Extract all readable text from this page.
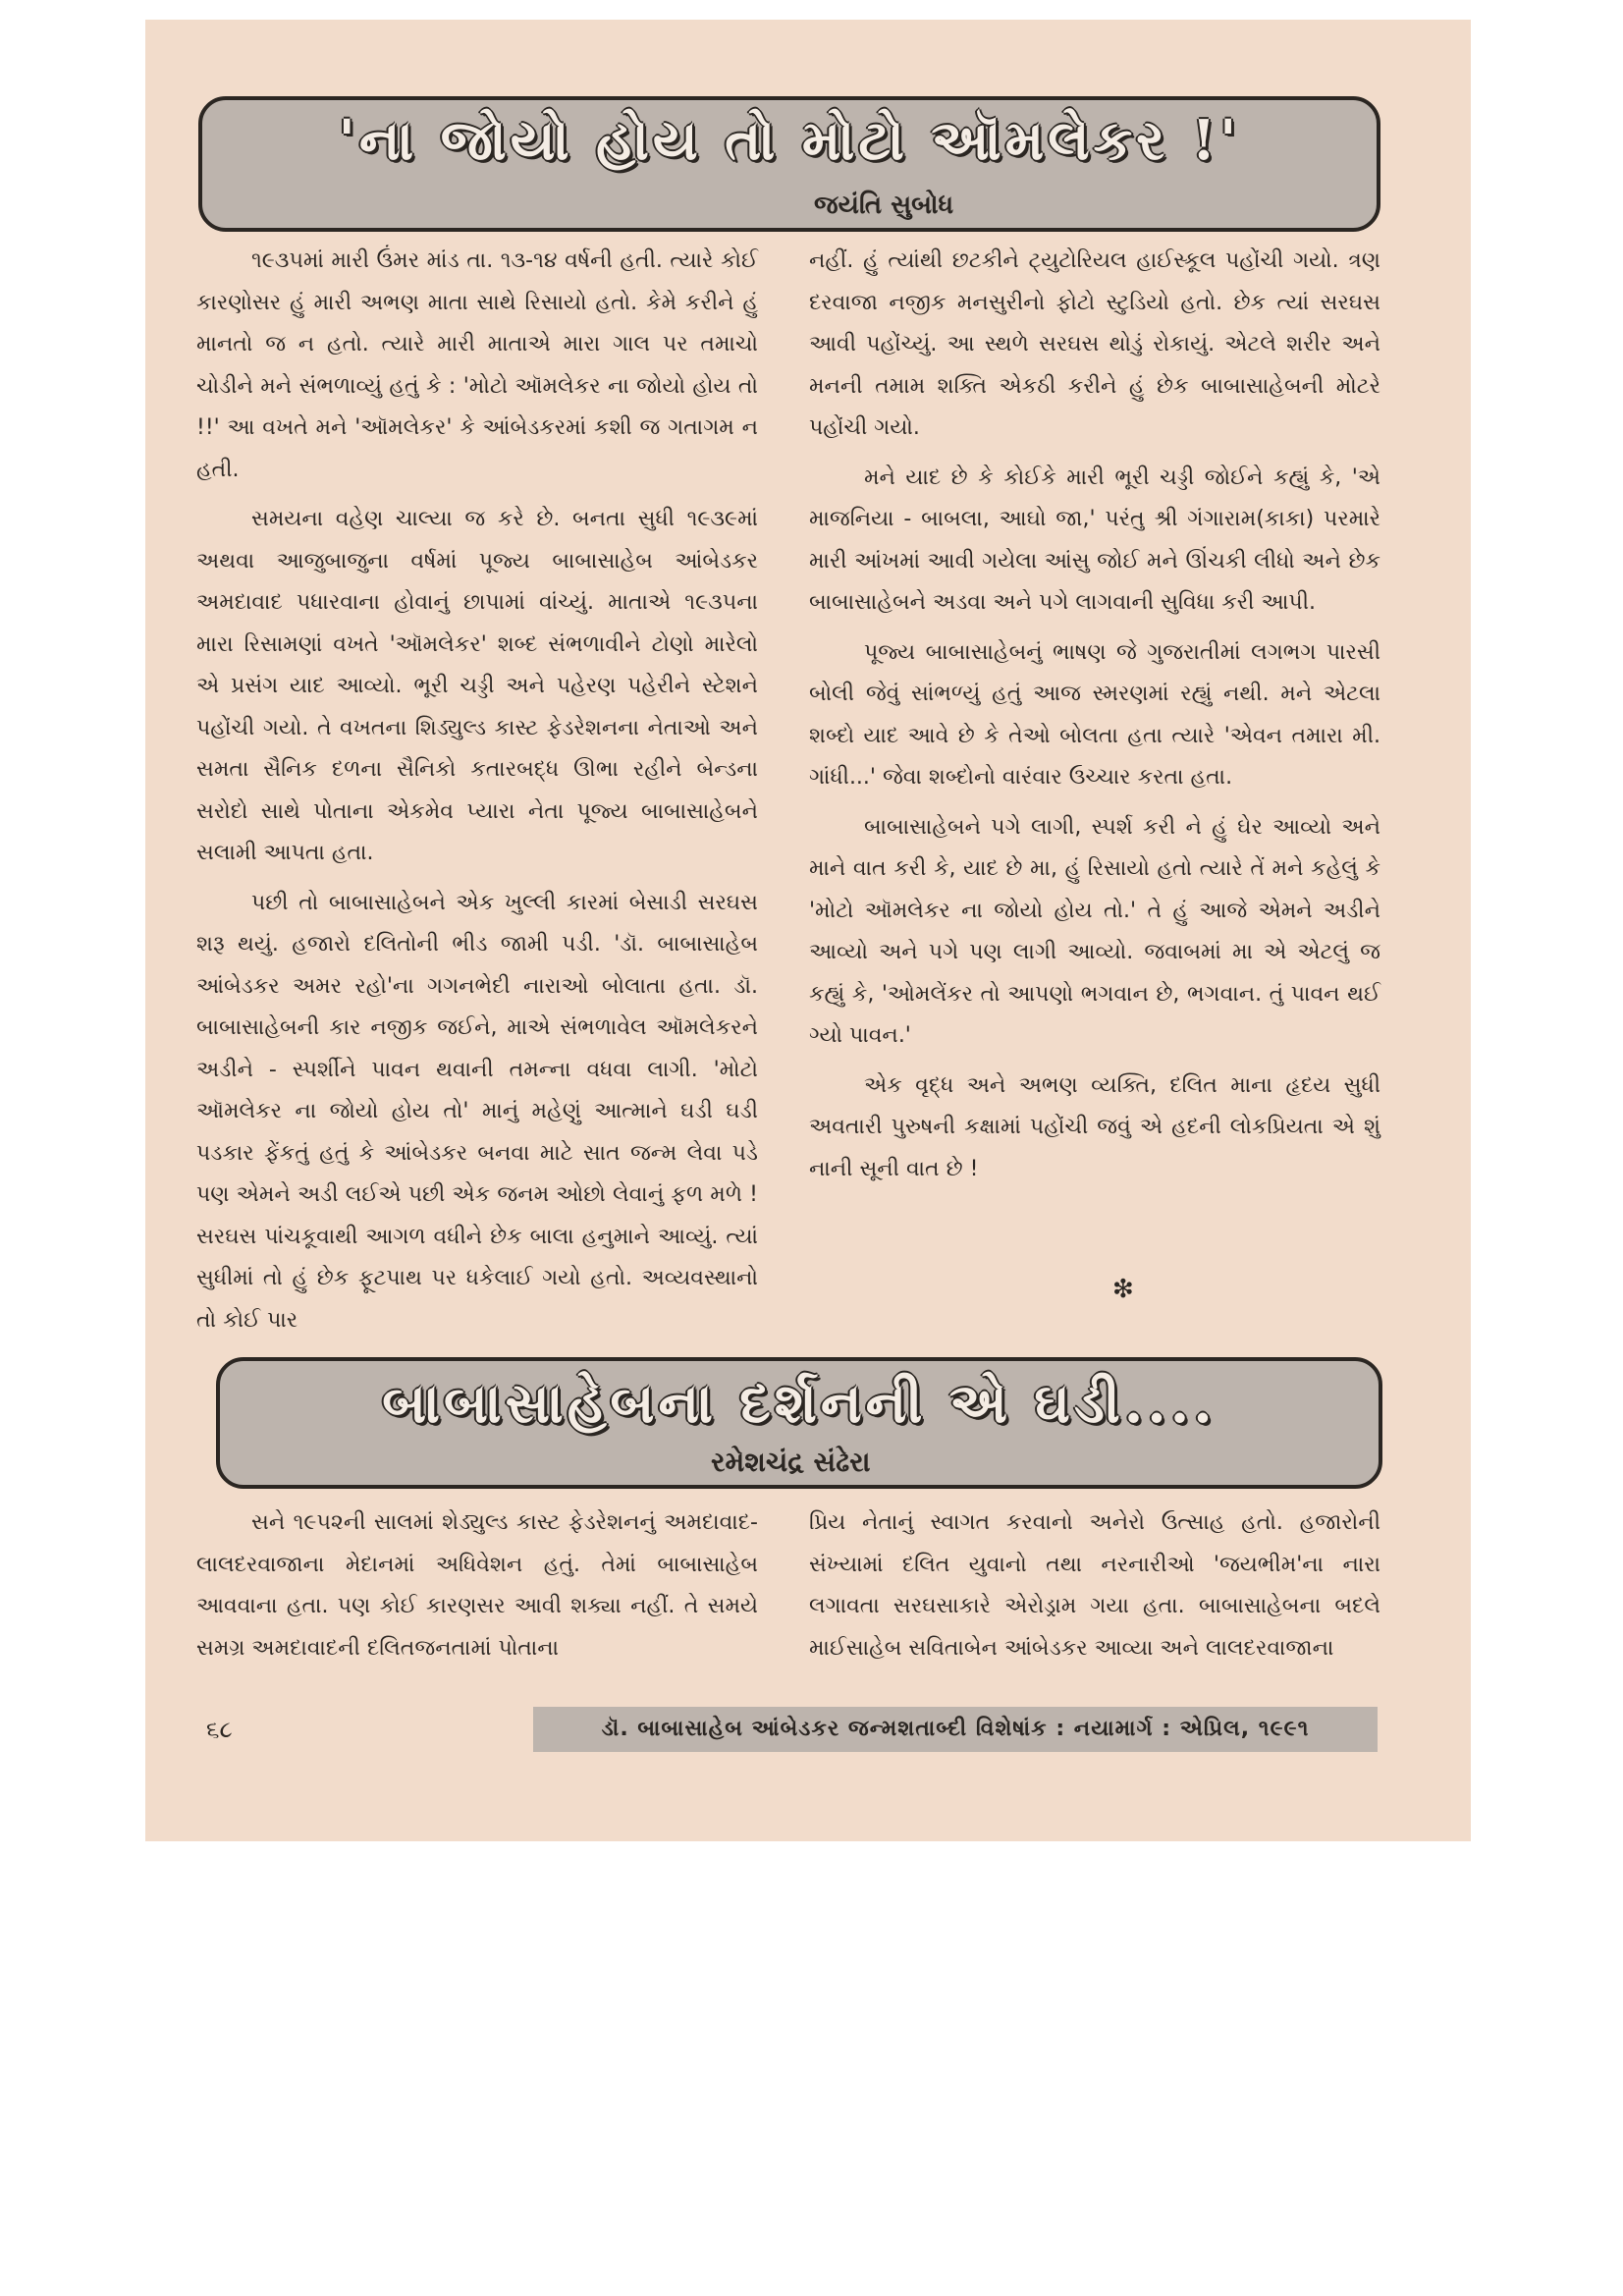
'ના જોયો હોય તો મોટો ઑમલેકર !'
જયંતિ સુબોધ

૧૯૩૫માં મારી ઉંમર માંડ તા. ૧૩-૧૪ વર્ષની હતી. ત્યારે કોઈ કારણોસર હું મારી અભણ માતા સાથે રિસાયો હતો. કેમે કરીને હું માનતો જ ન હતો. ત્યારે મારી માતાએ મારા ગાલ પર તમાચો ચોડીને મને સંભળાવ્યું હતું કે : 'મોટો ઑમલેકર ના જોયો હોય તો !!' આ વખતે મને 'ઑમલેકર' કે આંબેડકરમાં કશી જ ગતાગમ ન હતી.

સમયના વહેણ ચાલ્યા જ કરે છે. બનતા સુધી ૧૯૩૯માં અથવા આજુબાજુના વર્ષમાં પૂજ્ય બાબાસાહેબ આંબેડકર અમદાવાદ પધારવાના હોવાનું છાપામાં વાંચ્યું. માતાએ ૧૯૩૫ના મારા રિસામણાં વખતે 'ઑમલેકર' શબ્દ સંભળાવીને ટોણો મારેલો એ પ્રસંગ યાદ આવ્યો. ભૂરી ચડ્ડી અને પહેરણ પહેરીને સ્ટેશને પહોંચી ગયો. તે વખતના શિડ્યુલ્ડ કાસ્ટ ફેડરેશનના નેતાઓ અને સમતા સૈનિક દળના સૈનિકો કતારબદ્ધ ઊભા રહીને બેન્ડના સરોદો સાથે પોતાના એકમેવ પ્યારા નેતા પૂજ્ય બાબાસાહેબને સલામી આપતા હતા.

પછી તો બાબાસાહેબને એક ખુલ્લી કારમાં બેસાડી સરઘસ શરૂ થયું. હજારો દલિતોની ભીડ જામી પડી. 'ડૉ. બાબાસાહેબ આંબેડકર અમર રહો'ના ગગનભેદી નારાઓ બોલાતા હતા. ડૉ. બાબાસાહેબની કાર નજીક જઈને, માએ સંભળાવેલ ઑમલેકરને અડીને - સ્પર્શીને પાવન થવાની તમન્ના વધવા લાગી. 'મોટો ઑમલેકર ના જોયો હોય તો' માનું મહેણું આત્માને ઘડી ઘડી પડકાર ફેંકતું હતું કે આંબેડકર બનવા માટે સાત જન્મ લેવા પડે પણ એમને અડી લઈએ પછી એક જનમ ઓછો લેવાનું ફળ મળે ! સરઘસ પાંચકૂવાથી આગળ વધીને છેક બાલા હનુમાને આવ્યું. ત્યાં સુધીમાં તો હું છેક ફૂટપાથ પર ધકેલાઈ ગયો હતો. અવ્યવસ્થાનો તો કોઈ પાર

નહીં. હું ત્યાંથી છટકીને ટ્યુટોરિયલ હાઈસ્કૂલ પહોંચી ગયો. ત્રણ દરવાજા નજીક મનસુરીનો ફોટો સ્ટુડિયો હતો. છેક ત્યાં સરઘસ આવી પહોંચ્યું. આ સ્થળે સરઘસ થોડું રોકાયું. એટલે શરીર અને મનની તમામ શક્તિ એકઠી કરીને હું છેક બાબાસાહેબની મોટરે પહોંચી ગયો.

મને યાદ છે કે કોઈકે મારી ભૂરી ચડ્ડી જોઈને કહ્યું કે, 'એ માજનિયા - બાબલા, આઘો જા,' પરંતુ શ્રી ગંગારામ(કાકા) પરમારે મારી આંખમાં આવી ગયેલા આંસુ જોઈ મને ઊંચકી લીધો અને છેક બાબાસાહેબને અડવા અને પગે લાગવાની સુવિધા કરી આપી.

પૂજ્ય બાબાસાહેબનું ભાષણ જે ગુજરાતીમાં લગભગ પારસી બોલી જેવું સાંભળ્યું હતું આજ સ્મરણમાં રહ્યું નથી. મને એટલા શબ્દો યાદ આવે છે કે તેઓ બોલતા હતા ત્યારે 'એવન તમારા મી. ગાંધી...' જેવા શબ્દોનો વારંવાર ઉચ્ચાર કરતા હતા.

બાબાસાહેબને પગે લાગી, સ્પર્શ કરી ને હું ઘેર આવ્યો અને માને વાત કરી કે, યાદ છે મા, હું રિસાયો હતો ત્યારે તેં મને કહેલું કે 'મોટો ઑમલેકર ના જોયો હોય તો.' તે હું આજે એમને અડીને આવ્યો અને પગે પણ લાગી આવ્યો. જવાબમાં મા એ એટલું જ કહ્યું કે, 'ઓમલેંકર તો આપણો ભગવાન છે, ભગવાન. તું પાવન થઈ ગ્યો પાવન.'

એક વૃદ્ધ અને અભણ વ્યક્તિ, દલિત માના હૃદય સુધી અવતારી પુરુષની કક્ષામાં પહોંચી જવું એ હદની લોકપ્રિયતા એ શું નાની સૂની વાત છે !

❇
બાબાસાહેબના દર્શનની એ ઘડી....
રમેશચંદ્ર સંઢેરા

સને ૧૯૫૨ની સાલમાં શેડ્યુલ્ડ કાસ્ટ ફેડરેશનનું અમદાવાદ-લાલદરવાજાના મેદાનમાં અધિવેશન હતું. તેમાં બાબાસાહેબ આવવાના હતા. પણ કોઈ કારણસર આવી શક્યા નહીં. તે સમયે સમગ્ર અમદાવાદની દલિતજનતામાં પોતાના

પ્રિય નેતાનું સ્વાગત કરવાનો અનેરો ઉત્સાહ હતો. હજારોની સંખ્યામાં દલિત યુવાનો તથા નરનારીઓ 'જયભીમ'ના નારા લગાવતા સરઘસાકારે એરોડ્રામ ગયા હતા. બાબાસાહેબના બદલે માઈસાહેબ સવિતાબેન આંબેડકર આવ્યા અને લાલદરવાજાના

૬૮	ડૉ. બાબાસાહેબ આંબેડકર જન્મશતાબ્દી વિશેષાંક : નયામાર્ગ : એપ્રિલ, ૧૯૯૧
